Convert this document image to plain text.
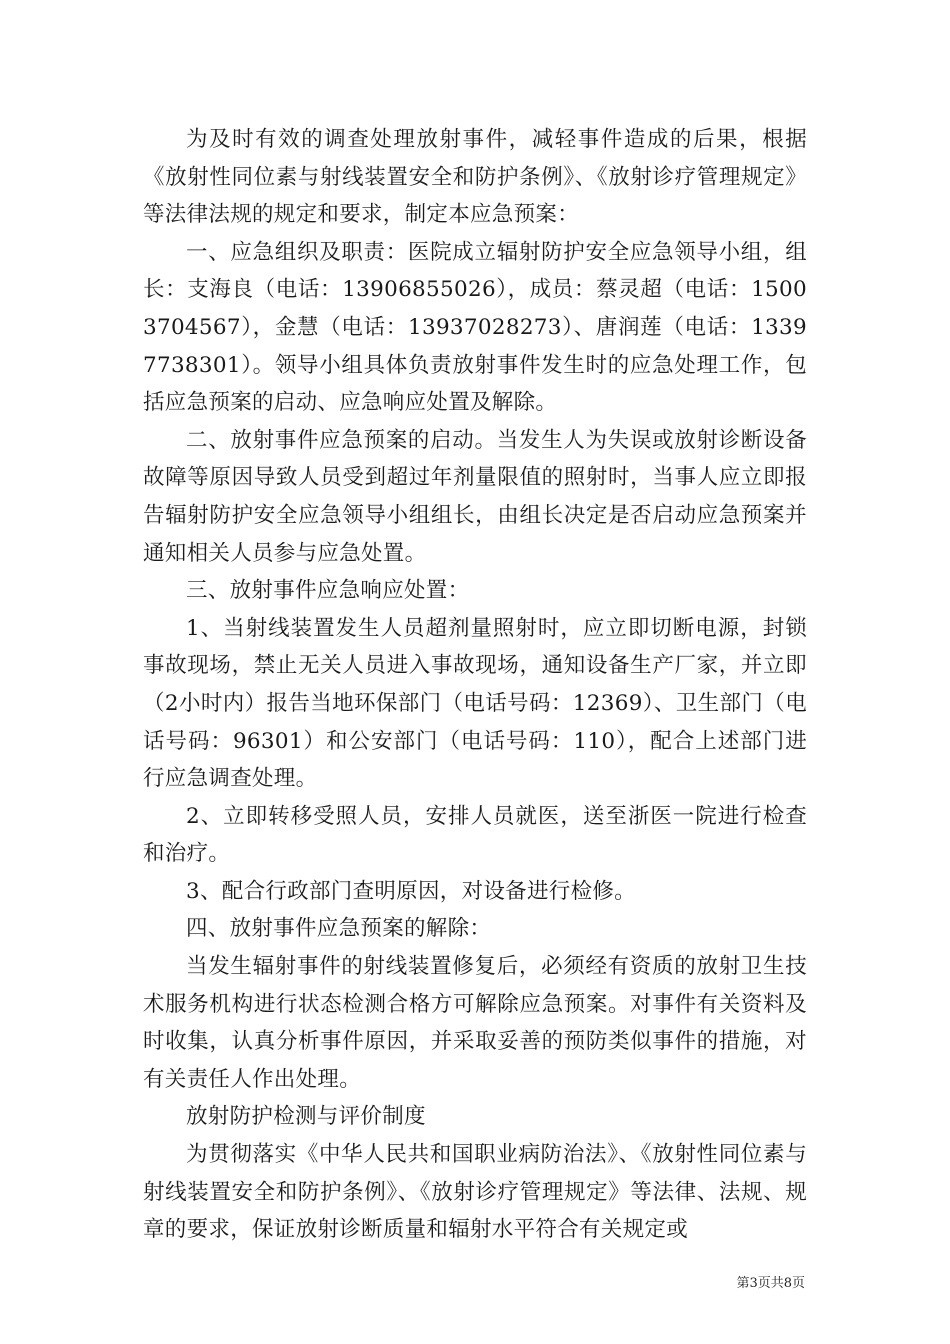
为及时有效的调查处理放射事件，减轻事件造成的后果，根据《放射性同位素与射线装置安全和防护条例》、《放射诊疗管理规定》等法律法规的规定和要求，制定本应急预案：

一、应急组织及职责：医院成立辐射防护安全应急领导小组，组长：支海良（电话：13906855026），成员：蔡灵超（电话：15003704567），金慧（电话：13937028273）、唐润莲（电话：13397738301）。领导小组具体负责放射事件发生时的应急处理工作，包括应急预案的启动、应急响应处置及解除。

二、放射事件应急预案的启动。当发生人为失误或放射诊断设备故障等原因导致人员受到超过年剂量限值的照射时，当事人应立即报告辐射防护安全应急领导小组组长，由组长决定是否启动应急预案并通知相关人员参与应急处置。

三、放射事件应急响应处置：

1、当射线装置发生人员超剂量照射时，应立即切断电源，封锁事故现场，禁止无关人员进入事故现场，通知设备生产厂家，并立即（2小时内）报告当地环保部门（电话号码：12369）、卫生部门（电话号码：96301）和公安部门（电话号码：110），配合上述部门进行应急调查处理。

2、立即转移受照人员，安排人员就医，送至浙医一院进行检查和治疗。

3、配合行政部门查明原因，对设备进行检修。

四、放射事件应急预案的解除：

当发生辐射事件的射线装置修复后，必须经有资质的放射卫生技术服务机构进行状态检测合格方可解除应急预案。对事件有关资料及时收集，认真分析事件原因，并采取妥善的预防类似事件的措施，对有关责任人作出处理。

放射防护检测与评价制度

为贯彻落实《中华人民共和国职业病防治法》、《放射性同位素与射线装置安全和防护条例》、《放射诊疗管理规定》等法律、法规、规章的要求，保证放射诊断质量和辐射水平符合有关规定或

第3页共8页
